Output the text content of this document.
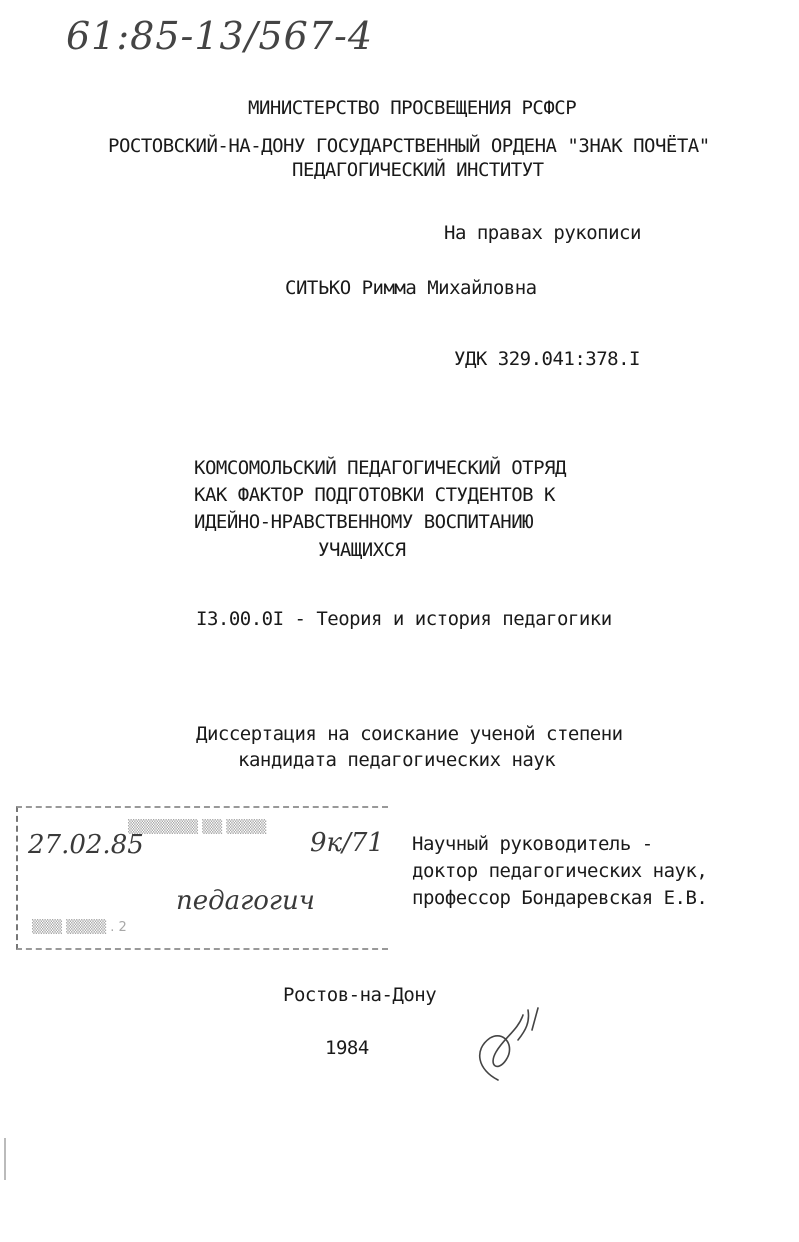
61:85-13/567-4
МИНИСТЕРСТВО ПРОСВЕЩЕНИЯ РСФСР
РОСТОВСКИЙ-НА-ДОНУ ГОСУДАРСТВЕННЫЙ ОРДЕНА "ЗНАК ПОЧЁТА"
ПЕДАГОГИЧЕСКИЙ ИНСТИТУТ
На правах рукописи
СИТЬКО Римма Михайловна
УДК 329.041:378.I
КОМСОМОЛЬСКИЙ ПЕДАГОГИЧЕСКИЙ ОТРЯД
КАК ФАКТОР ПОДГОТОВКИ СТУДЕНТОВ К
ИДЕЙНО-НРАВСТВЕННОМУ ВОСПИТАНИЮ
УЧАЩИХСЯ
I3.00.0I - Теория и история педагогики
Диссертация на соискание ученой степени
кандидата педагогических наук
▒▒▒▒▒▒▒ ▒▒ ▒▒▒▒
27.02.85	9к/71
педагогич
▒▒▒ ▒▒▒▒ . 2
Научный руководитель -
доктор педагогических наук,
профессор Бондаревская Е.В.
Ростов-на-Дону
1984
